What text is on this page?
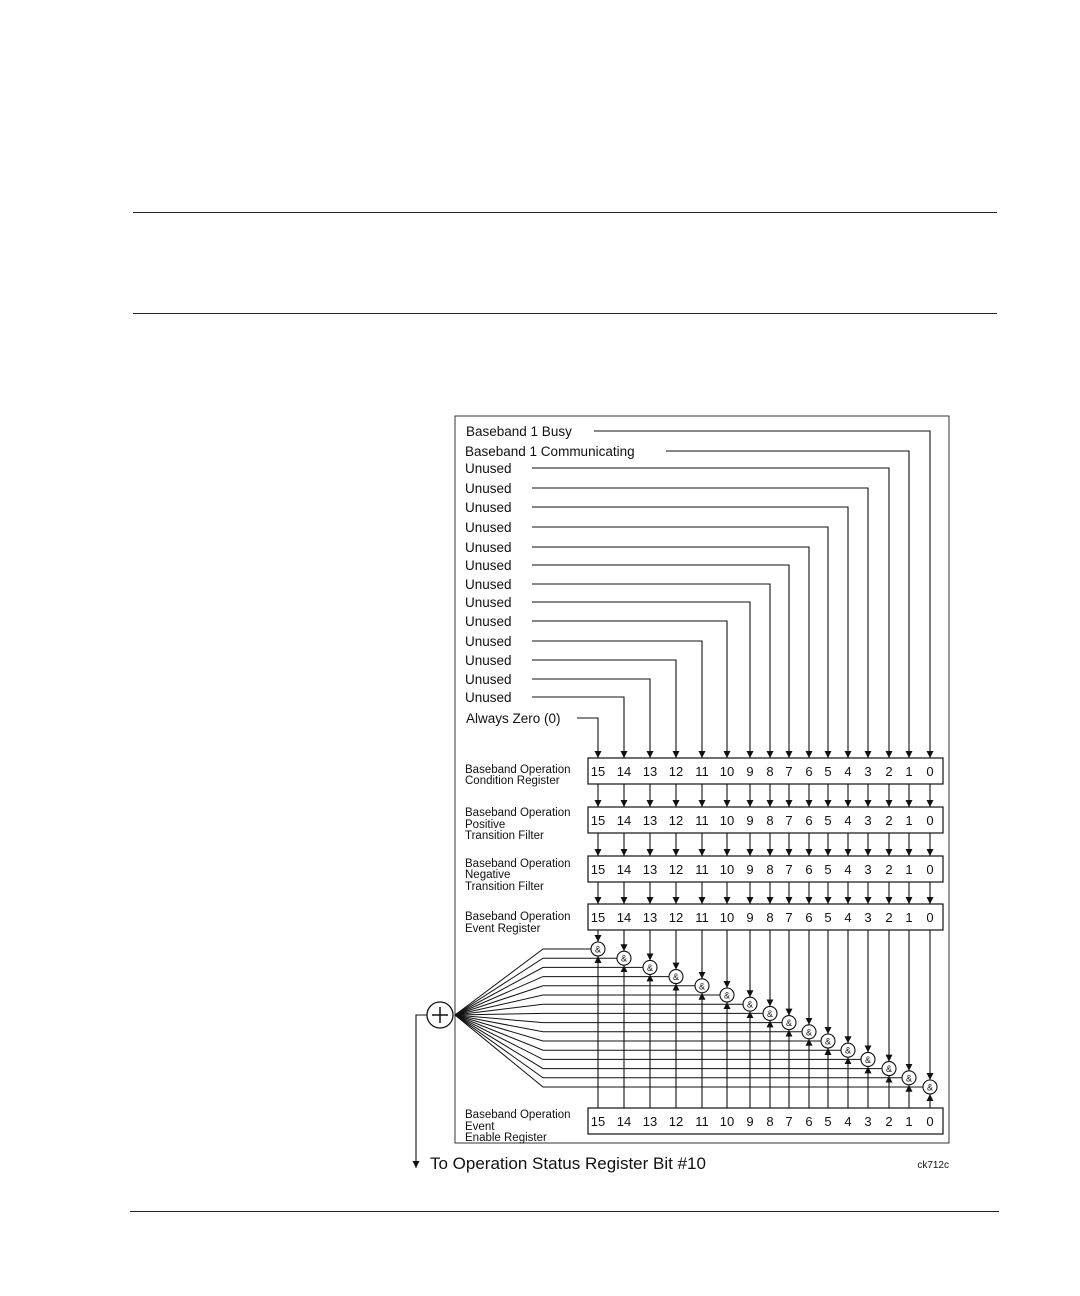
Baseband Operation
Condition Register
15 14 13 12 11 10 9 8 7 6 5 4 3 2 1 0
Baseband Operation
Positive
Transition Filter
15 14 13 12 11 10 9 8 7 6 5 4 3 2 1 0
Baseband Operation
Negative
Transition Filter
15 14 13 12 11 10 9 8 7 6 5 4 3 2 1 0
Baseband Operation
Event Register
15 14 13 12 11 10 9 8 7 6 5 4 3 2 1 0
Baseband Operation
Event
Enable Register
15 14 13 12 11 10 9 8 7 6 5 4 3 2 1 0
Baseband 1 Busy
Baseband 1 Communicating
Unused
Unused
Unused
Unused
Unused
Unused
Unused
Unused
Unused
Unused
Unused
Unused
Unused
Always Zero (0)
&
&
&
&
&
&
&
&
&
&
&
&
&
&
&
&
To Operation Status Register Bit #10	ck712c
